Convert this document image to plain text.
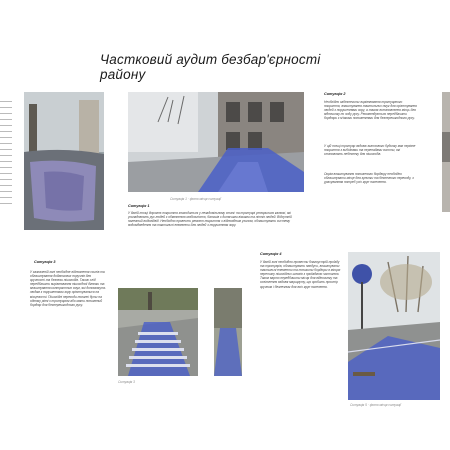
Частковий аудит безбар'єрності району
Ситуація 1 · фото місця ситуації
Ситуація 1
У даній точці дорожнє покриття знаходиться у незадовільному стані: на тротуарі утворилися калюжі, які ускладнюють рух людей з обмеженою мобільністю, батьків з дитячими візками та літніх людей. Відсутній належний водовідвід. Необхідно провести ремонт покриття з відповідним ухилом, облаштувати систему водовідведення та тактильні елементи для людей з порушенням зору.
Ситуація 2
Необхідно забезпечити вирівнювання тротуарного покриття, влаштування тактильних смуг для орієнтування людей з порушеннями зору, а також встановлення місць для відпочинку по ходу руху. Рекомендується передбачити бордюри з м'якими пониженнями для безперешкодного руху.
У цій точці тротуар вздовж житлового будинку має нерівне покриття з вибоїнами та перепадами висоти, які становлять небезпеку для пішоходів.
Окрім влаштування пониженого бордюру необхідно облаштувати місце для зупинки та безпечного переходу, з урахуванням потреб усіх груп населення.
Ситуація 3
У зазначеній зоні необхідне відновлення схилів та облаштування додаткових поручнів для зручності та безпеки пішоходів. Також слід передбачити вирівнювання пішохідної ділянки та влаштування контрастних смуг, які допоможуть людям з порушеннями зору орієнтуватися на місцевості. Пішохідні переходи повинні бути на одному рівні з тротуаром або мати понижений бордюр для безперешкодного руху.
Ситуація 3
Ситуація 4
У даній зоні необхідно провести благоустрій проїзду та тротуарів, облаштувати пандуси, влаштувати тактильні елементи та понизити бордюри в місцях перетину пішохідних шляхів з проїжджою частиною. Також варто передбачити місця для відпочинку та освітлення вздовж маршруту, що зробить простір зручним і безпечним для всіх груп населення.
Ситуація 5 · фото місця ситуації
